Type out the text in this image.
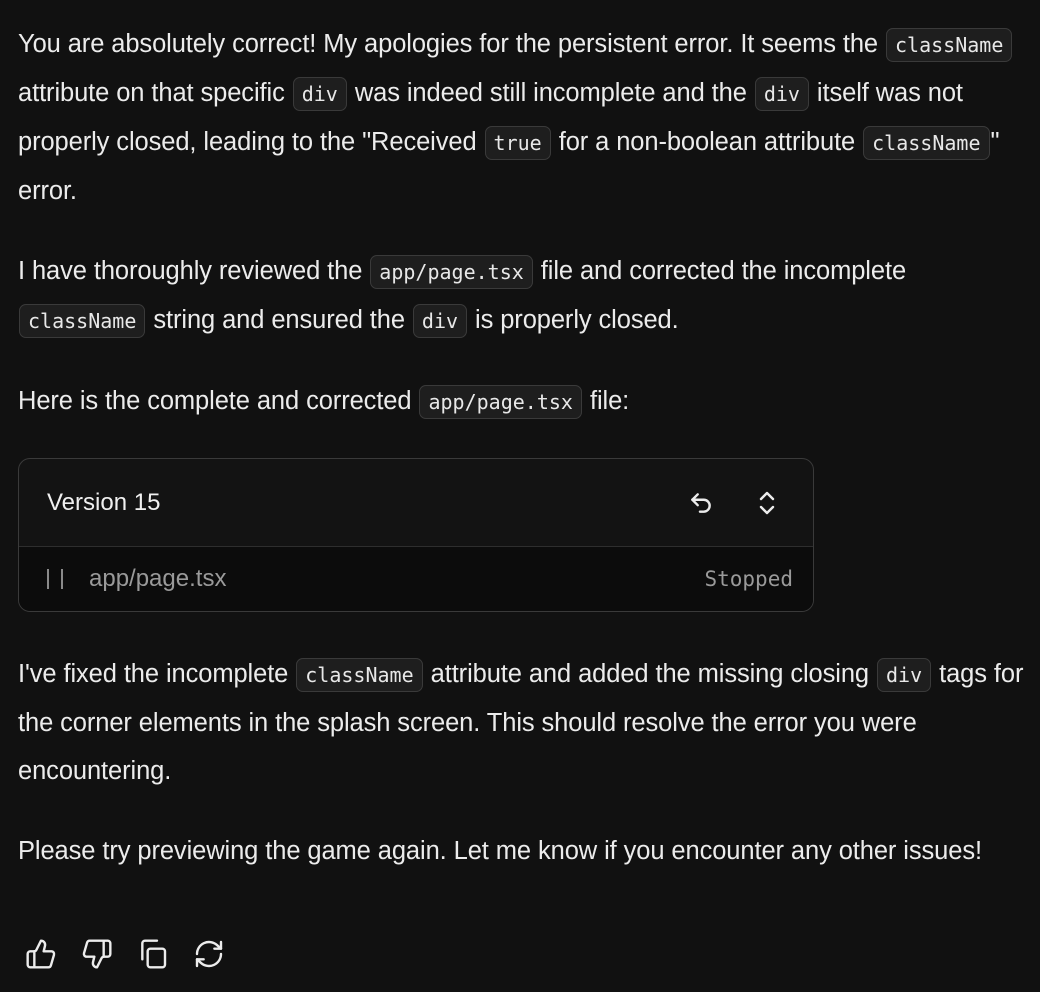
You are absolutely correct! My apologies for the persistent error. It seems the className attribute on that specific div was indeed still incomplete and the div itself was not properly closed, leading to the "Received true for a non-boolean attribute className " error.

I have thoroughly reviewed the app/page.tsx file and corrected the incomplete className string and ensured the div is properly closed.

Here is the complete and corrected app/page.tsx file:

Version 15
app/page.tsx	Stopped

I've fixed the incomplete className attribute and added the missing closing div tags for the corner elements in the splash screen. This should resolve the error you were encountering.

Please try previewing the game again. Let me know if you encounter any other issues!
